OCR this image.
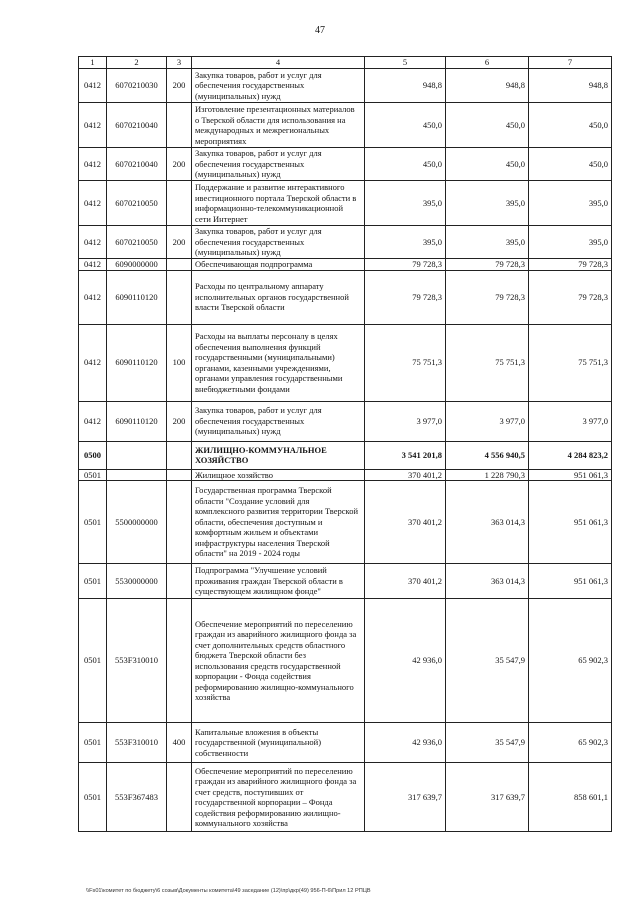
47
1	2	3	4	5	6	7
0412	6070210030	200	Закупка товаров, работ и услуг для обеспечения государственных (муниципальных) нужд	948,8	948,8	948,8
0412	6070210040		Изготовление презентационных материалов о Тверской области для использования на международных и межрегиональных мероприятиях	450,0	450,0	450,0
0412	6070210040	200	Закупка товаров, работ и услуг для обеспечения государственных (муниципальных) нужд	450,0	450,0	450,0
0412	6070210050		Поддержание и развитие интерактивного ивестиционного портала Тверской области в информационно-телекоммуникационной сети Интернет	395,0	395,0	395,0
0412	6070210050	200	Закупка товаров, работ и услуг для обеспечения государственных (муниципальных) нужд	395,0	395,0	395,0
0412	6090000000		Обеспечивающая подпрограмма	79 728,3	79 728,3	79 728,3
0412	6090110120		Расходы по центральному аппарату исполнительных органов государственной власти Тверской области	79 728,3	79 728,3	79 728,3
0412	6090110120	100	Расходы на выплаты персоналу в целях обеспечения выполнения функций государственными (муниципальными) органами, казенными учреждениями, органами управления государственными внебюджетными фондами	75 751,3	75 751,3	75 751,3
0412	6090110120	200	Закупка товаров, работ и услуг для обеспечения государственных (муниципальных) нужд	3 977,0	3 977,0	3 977,0
0500			ЖИЛИЩНО-КОММУНАЛЬНОЕ ХОЗЯЙСТВО	3 541 201,8	4 556 940,5	4 284 823,2
0501			Жилищное хозяйство	370 401,2	1 228 790,3	951 061,3
0501	5500000000		Государственная программа Тверской области "Создание условий для комплексного развития территории Тверской области, обеспечения доступным и комфортным жильем и объектами инфраструктуры населения Тверской области" на 2019 - 2024 годы	370 401,2	363 014,3	951 061,3
0501	5530000000		Подпрограмма "Улучшение условий проживания граждан Тверской области в существующем жилищном фонде"	370 401,2	363 014,3	951 061,3
0501	553F310010		Обеспечение мероприятий по переселению граждан из аварийного жилищного фонда за счет дополнительных средств областного бюджета Тверской области без использования средств государственной корпорации - Фонда содействия реформированию жилищно-коммунального хозяйства	42 936,0	35 547,9	65 902,3
0501	553F310010	400	Капитальные вложения в объекты государственной (муниципальной) собственности	42 936,0	35 547,9	65 902,3
0501	553F367483		Обеспечение мероприятий по переселению граждан из аварийного жилищного фонда за счет средств, поступивших от государственной корпорации – Фонда содействия реформированию жилищно-коммунального хозяйства	317 639,7	317 639,7	858 601,1
\\Fs01\комитет по бюджету\6 созыв\Документы комитета\49 заседание (12)\пр\дкр(49) 956-П-6\Прил 12 РПЦВ
